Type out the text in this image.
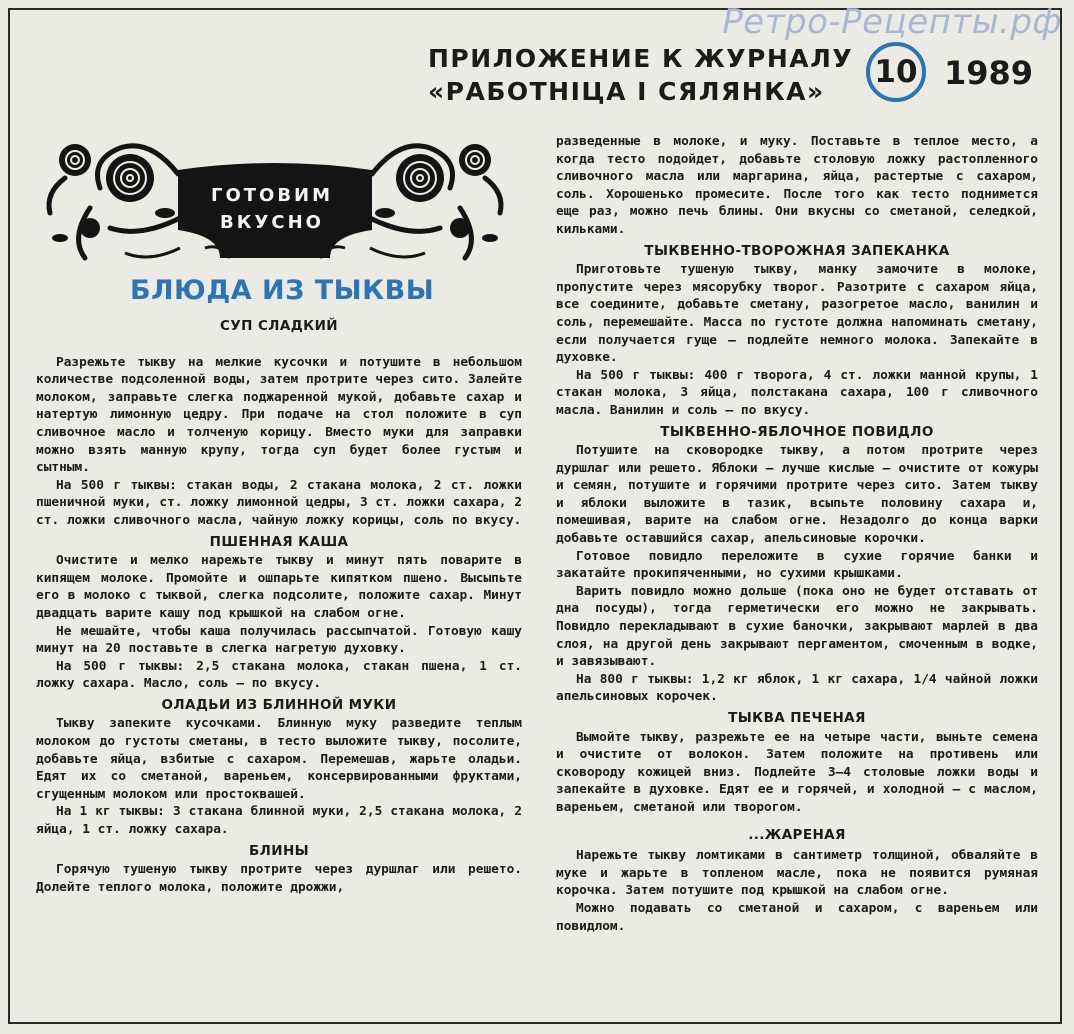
Ретро-Рецепты.рф
ПРИЛОЖЕНИЕ К ЖУРНАЛУ
«РАБОТНІЦА І СЯЛЯНКА»
10 1989
ГОТОВИМ
ВКУСНО
БЛЮДА ИЗ ТЫКВЫ
СУП СЛАДКИЙ

Разрежьте тыкву на мелкие кусочки и потушите в небольшом количестве подсоленной воды, затем протрите через сито. Залейте молоком, заправьте слегка поджаренной мукой, добавьте сахар и натертую лимонную цедру. При подаче на стол положите в суп сливочное масло и толченую корицу. Вместо муки для заправки можно взять манную крупу, тогда суп будет более густым и сытным.

На 500 г тыквы: стакан воды, 2 стакана молока, 2 ст. ложки пшеничной муки, ст. ложку лимонной цедры, 3 ст. ложки сахара, 2 ст. ложки сливочного масла, чайную ложку корицы, соль по вкусу.

ПШЕННАЯ КАША

Очистите и мелко нарежьте тыкву и минут пять поварите в кипящем молоке. Промойте и ошпарьте кипятком пшено. Высыпьте его в молоко с тыквой, слегка подсолите, положите сахар. Минут двадцать варите кашу под крышкой на слабом огне.

Не мешайте, чтобы каша получилась рассыпчатой. Готовую кашу минут на 20 поставьте в слегка нагретую духовку.

На 500 г тыквы: 2,5 стакана молока, стакан пшена, 1 ст. ложку сахара. Масло, соль — по вкусу.

ОЛАДЬИ ИЗ БЛИННОЙ МУКИ

Тыкву запеките кусочками. Блинную муку разведите теплым молоком до густоты сметаны, в тесто выложите тыкву, посолите, добавьте яйца, взбитые с сахаром. Перемешав, жарьте оладьи. Едят их со сметаной, вареньем, консервированными фруктами, сгущенным молоком или простоквашей.

На 1 кг тыквы: 3 стакана блинной муки, 2,5 стакана молока, 2 яйца, 1 ст. ложку сахара.

БЛИНЫ

Горячую тушеную тыкву протрите через дуршлаг или решето. Долейте теплого молока, положите дрожжи,

разведенные в молоке, и муку. Поставьте в теплое место, а когда тесто подойдет, добавьте столовую ложку растопленного сливочного масла или маргарина, яйца, растертые с сахаром, соль. Хорошенько промесите. После того как тесто поднимется еще раз, можно печь блины. Они вкусны со сметаной, селедкой, кильками.

ТЫКВЕННО-ТВОРОЖНАЯ ЗАПЕКАНКА

Приготовьте тушеную тыкву, манку замочите в молоке, пропустите через мясорубку творог. Разотрите с сахаром яйца, все соедините, добавьте сметану, разогретое масло, ванилин и соль, перемешайте. Масса по густоте должна напоминать сметану, если получается гуще — подлейте немного молока. Запекайте в духовке.

На 500 г тыквы: 400 г творога, 4 ст. ложки манной крупы, 1 стакан молока, 3 яйца, полстакана сахара, 100 г сливочного масла. Ванилин и соль — по вкусу.

ТЫКВЕННО-ЯБЛОЧНОЕ ПОВИДЛО

Потушите на сковородке тыкву, а потом протрите через дуршлаг или решето. Яблоки — лучше кислые — очистите от кожуры и семян, потушите и горячими протрите через сито. Затем тыкву и яблоки выложите в тазик, всыпьте половину сахара и, помешивая, варите на слабом огне. Незадолго до конца варки добавьте оставшийся сахар, апельсиновые корочки.

Готовое повидло переложите в сухие горячие банки и закатайте прокипяченными, но сухими крышками.

Варить повидло можно дольше (пока оно не будет отставать от дна посуды), тогда герметически его можно не закрывать. Повидло перекладывают в сухие баночки, закрывают марлей в два слоя, на другой день закрывают пергаментом, смоченным в водке, и завязывают.

На 800 г тыквы: 1,2 кг яблок, 1 кг сахара, 1/4 чайной ложки апельсиновых корочек.

ТЫКВА ПЕЧЕНАЯ

Вымойте тыкву, разрежьте ее на четыре части, выньте семена и очистите от волокон. Затем положите на противень или сковороду кожицей вниз. Подлейте 3—4 столовые ложки воды и запекайте в духовке. Едят ее и горячей, и холодной — с маслом, вареньем, сметаной или творогом.

...ЖАРЕНАЯ

Нарежьте тыкву ломтиками в сантиметр толщиной, обваляйте в муке и жарьте в топленом масле, пока не появится румяная корочка. Затем потушите под крышкой на слабом огне.

Можно подавать со сметаной и сахаром, с вареньем или повидлом.
